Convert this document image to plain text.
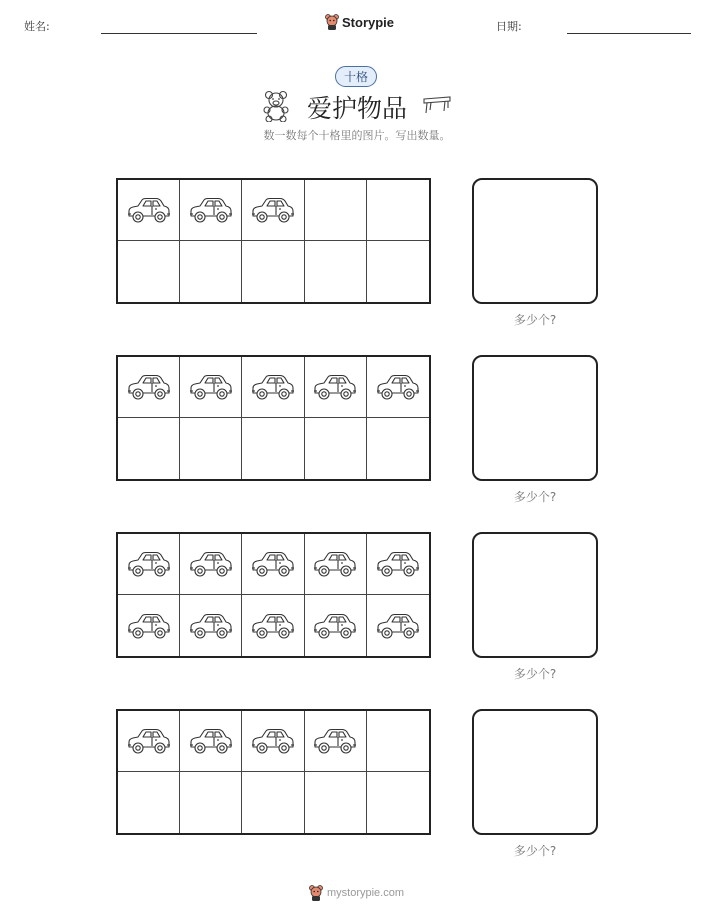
姓名:	Storypie	日期:
十格
爱护物品
数一数每个十格里的图片。写出数量。
多少个?
多少个?
多少个?
多少个?
mystorypie.com
